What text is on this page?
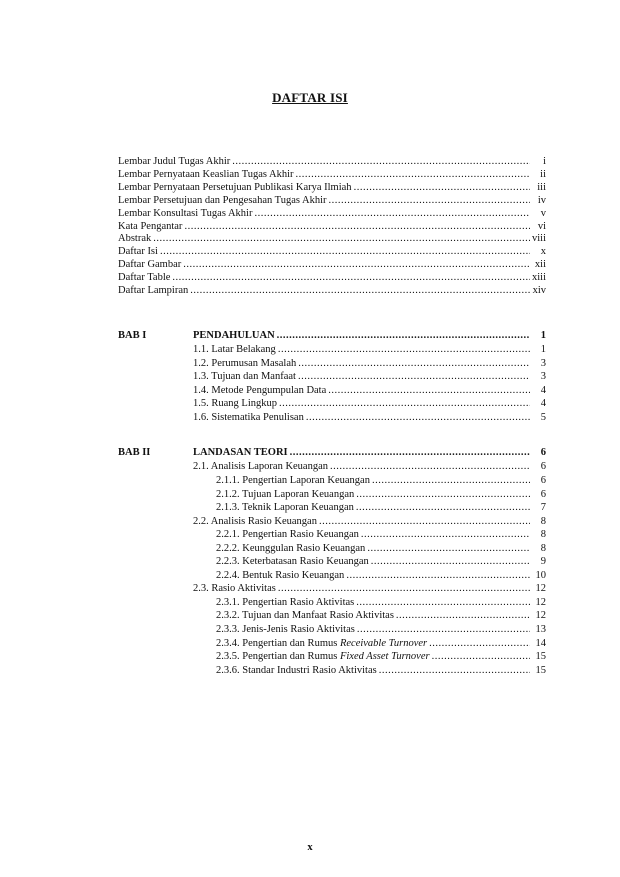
DAFTAR ISI
Lembar Judul Tugas Akhir .....	i
Lembar Pernyataan Keaslian Tugas Akhir .....	ii
Lembar Pernyataan Persetujuan Publikasi Karya Ilmiah .....	iii
Lembar Persetujuan dan Pengesahan Tugas Akhir .....	iv
Lembar Konsultasi Tugas Akhir .....	v
Kata Pengantar .....	vi
Abstrak .....	viii
Daftar Isi .....	x
Daftar Gambar .....	xii
Daftar Table .....	xiii
Daftar Lampiran .....	xiv
BAB I	PENDAHULUAN .....	1
1.1. Latar Belakang .....	1
1.2. Perumusan Masalah .....	3
1.3. Tujuan dan Manfaat .....	3
1.4. Metode Pengumpulan Data .....	4
1.5. Ruang Lingkup .....	4
1.6. Sistematika Penulisan .....	5
BAB II	LANDASAN TEORI .....	6
2.1. Analisis Laporan Keuangan .....	6
2.1.1. Pengertian Laporan Keuangan .....	6
2.1.2. Tujuan Laporan Keuangan .....	6
2.1.3. Teknik Laporan Keuangan .....	7
2.2. Analisis Rasio Keuangan .....	8
2.2.1. Pengertian Rasio Keuangan .....	8
2.2.2. Keunggulan Rasio Keuangan .....	8
2.2.3. Keterbatasan Rasio Keuangan .....	9
2.2.4. Bentuk Rasio Keuangan .....	10
2.3. Rasio Aktivitas .....	12
2.3.1. Pengertian Rasio Aktivitas .....	12
2.3.2. Tujuan dan Manfaat Rasio Aktivitas .....	12
2.3.3. Jenis-Jenis Rasio Aktivitas .....	13
2.3.4. Pengertian dan Rumus Receivable Turnover .....	14
2.3.5. Pengertian dan Rumus Fixed Asset Turnover .....	15
2.3.6. Standar Industri Rasio Aktivitas .....	15
x
